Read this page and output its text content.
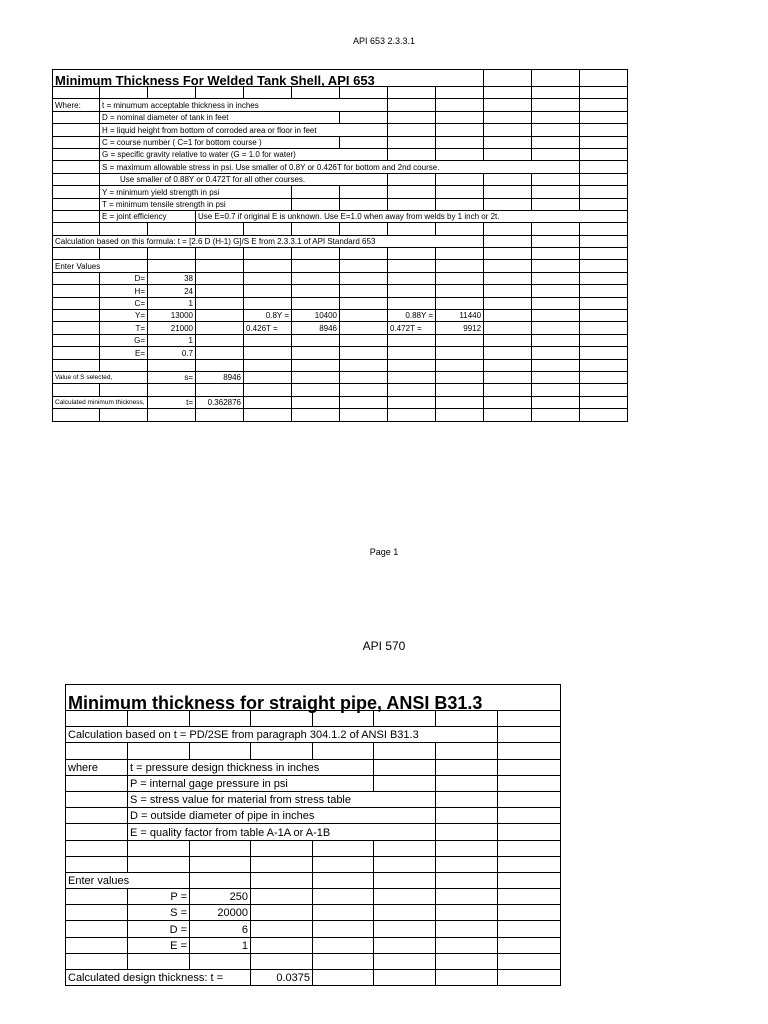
API 653 2.3.3.1
Minimum Thickness For Welded Tank Shell, API 653											

Where:	t = minumum acceptable thickness in inches										
	D = nominal diameter of tank in feet										
	H = liquid height from bottom of corroded area or floor in feet										
	C = course number ( C=1 for bottom course )										
	G = specific gravity relative to water (G = 1.0 for water)										
	S = maximum allowable stress in psi. Use smaller of 0.8Y or 0.426T for bottom and 2nd course.										
	Use smaller of 0.88Y or 0.472T for all other courses.										
	Y = minimum yield strength in psi										
	T = minimum tensile strength in psi										
	E = joint efficiency		Use E=0.7 if original E is unknown. Use E=1.0 when away from welds by 1 inch or 2t.								

Calculation based on this formula: t = [2.6 D (H-1) G]/S E from 2.3.3.1 of API Standard 653											

Enter Values											
	D=	38									
	H=	24									
	C=	1									
	Y=	13000		0.8Y =	10400		0.88Y =	11440			
	T=	21000		0.426T =	8946		0.472T =	9912			
	G=	1									
	E=	0.7									

Value of S selected,		s=	8946								

Calculated minimum thickness,		t=	0.362876								

Page 1
API 570
Minimum thickness for straight pipe, ANSI B31.3							

Calculation based on t = PD/2SE from paragraph 304.1.2 of ANSI B31.3							

where	t = pressure design thickness in inches						
	P = internal gage pressure in psi						
	S = stress value for material from stress table						
	D = outside diameter of pipe in inches						
	E = quality factor from table A-1A or A-1B						

Enter values							
	P =	250					
	S =	20000					
	D =	6					
	E =	1					

Calculated design thickness: t =			0.0375				
